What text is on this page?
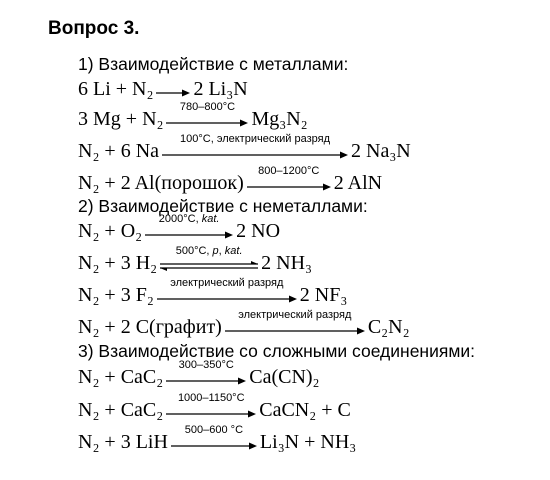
Вопрос 3.
1) Взаимодействие с металлами:
6 Li + N₂ → 2 Li₃N
3 Mg + N₂
780–800°C
Mg₃N₂
N₂ + 6 Na
100°C, электрический разряд
2 Na₃N
N₂ + 2 Al(порошок)
800–1200°C
2 AlN
2) Взаимодействие с неметаллами:
N₂ + O₂
2000°C, kat.
2 NO
N₂ + 3 H₂
500°C, p, kat.
2 NH₃
N₂ + 3 F₂
электрический разряд
2 NF₃
N₂ + 2 C(графит)
электрический разряд
C₂N₂
3) Взаимодействие со сложными соединениями:
N₂ + CaC₂
300–350°C
Ca(CN)₂
N₂ + CaC₂
1000–1150°C
CaCN₂ + C
N₂ + 3 LiH
500–600 °C
Li₃N + NH₃
